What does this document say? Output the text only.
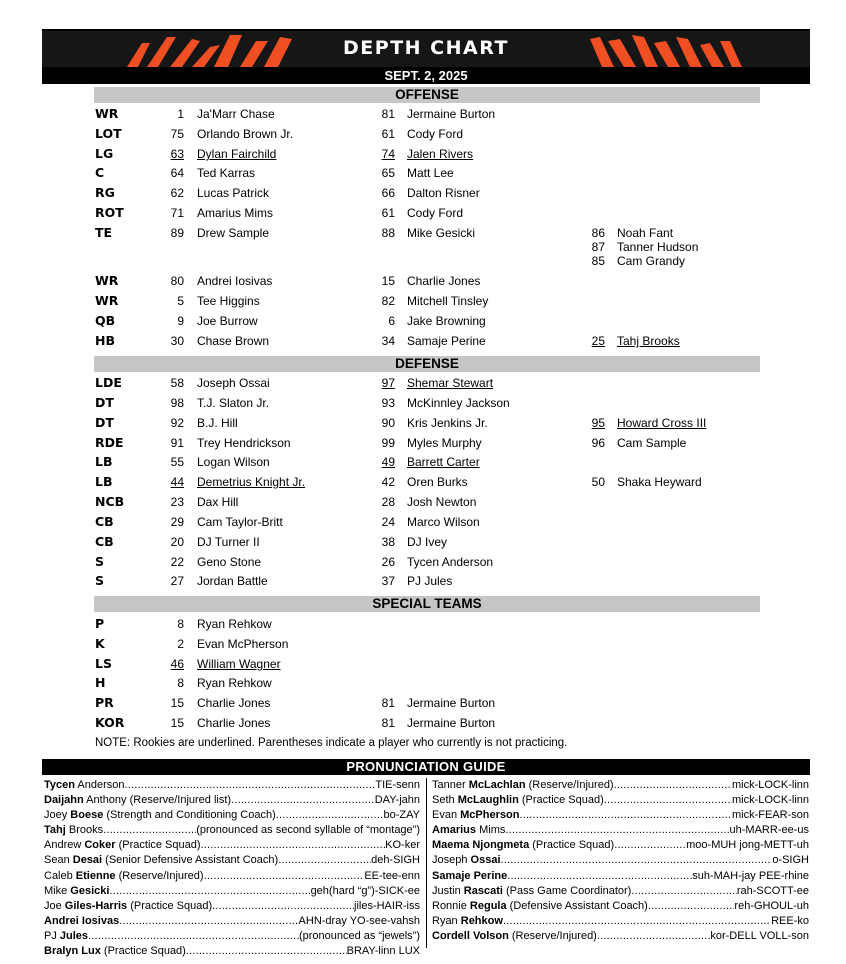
DEPTH CHART
SEPT. 2, 2025
OFFENSE
WR	1 Ja'Marr Chase	81 Jermaine Burton
LOT	75 Orlando Brown Jr.	61 Cody Ford
LG	63 Dylan Fairchild	74 Jalen Rivers
C	64 Ted Karras	65 Matt Lee
RG	62 Lucas Patrick	66 Dalton Risner
ROT	71 Amarius Mims	61 Cody Ford
TE	89 Drew Sample	88 Mike Gesicki	86 Noah Fant
87 Tanner Hudson
85 Cam Grandy
WR	80 Andrei Iosivas	15 Charlie Jones
WR	5 Tee Higgins	82 Mitchell Tinsley
QB	9 Joe Burrow	6 Jake Browning
HB	30 Chase Brown	34 Samaje Perine	25 Tahj Brooks
DEFENSE
LDE	58 Joseph Ossai	97 Shemar Stewart
DT	98 T.J. Slaton Jr.	93 McKinnley Jackson
DT	92 B.J. Hill	90 Kris Jenkins Jr.	95 Howard Cross III
RDE	91 Trey Hendrickson	99 Myles Murphy	96 Cam Sample
LB	55 Logan Wilson	49 Barrett Carter
LB	44 Demetrius Knight Jr.	42 Oren Burks	50 Shaka Heyward
NCB	23 Dax Hill	28 Josh Newton
CB	29 Cam Taylor-Britt	24 Marco Wilson
CB	20 DJ Turner II	38 DJ Ivey
S	22 Geno Stone	26 Tycen Anderson
S	27 Jordan Battle	37 PJ Jules
SPECIAL TEAMS
P	8 Ryan Rehkow
K	2 Evan McPherson
LS	46 William Wagner
H	8 Ryan Rehkow
PR	15 Charlie Jones	81 Jermaine Burton
KOR	15 Charlie Jones	81 Jermaine Burton
NOTE: Rookies are underlined. Parentheses indicate a player who currently is not practicing.
PRONUNCIATION GUIDE
Tycen Anderson .....	TIE-senn
Daijahn Anthony (Reserve/Injured list) .....	DAY-jahn
Joey Boese (Strength and Conditioning Coach) .....	bo-ZAY
Tahj Brooks .....	(pronounced as second syllable of “montage”)
Andrew Coker (Practice Squad) .....	KO-ker
Sean Desai (Senior Defensive Assistant Coach) .....	deh-SIGH
Caleb Etienne (Reserve/Injured) .....	EE-tee-enn
Mike Gesicki .....	geh(hard “g”)-SICK-ee
Joe Giles-Harris (Practice Squad) .....	jiles-HAIR-iss
Andrei Iosivas .....	AHN-dray YO-see-vahsh
PJ Jules .....	(pronounced as “jewels”)
Bralyn Lux (Practice Squad) .....	BRAY-linn LUX
Tanner McLachlan (Reserve/Injured) .....	mick-LOCK-linn
Seth McLaughlin (Practice Squad) .....	mick-LOCK-linn
Evan McPherson .....	mick-FEAR-son
Amarius Mims .....	uh-MARR-ee-us
Maema Njongmeta (Practice Squad) .....	moo-MUH jong-METT-uh
Joseph Ossai .....	o-SIGH
Samaje Perine .....	suh-MAH-jay PEE-rhine
Justin Rascati (Pass Game Coordinator) .....	rah-SCOTT-ee
Ronnie Regula (Defensive Assistant Coach) .....	reh-GHOUL-uh
Ryan Rehkow .....	REE-ko
Cordell Volson (Reserve/Injured) .....	kor-DELL VOLL-son
